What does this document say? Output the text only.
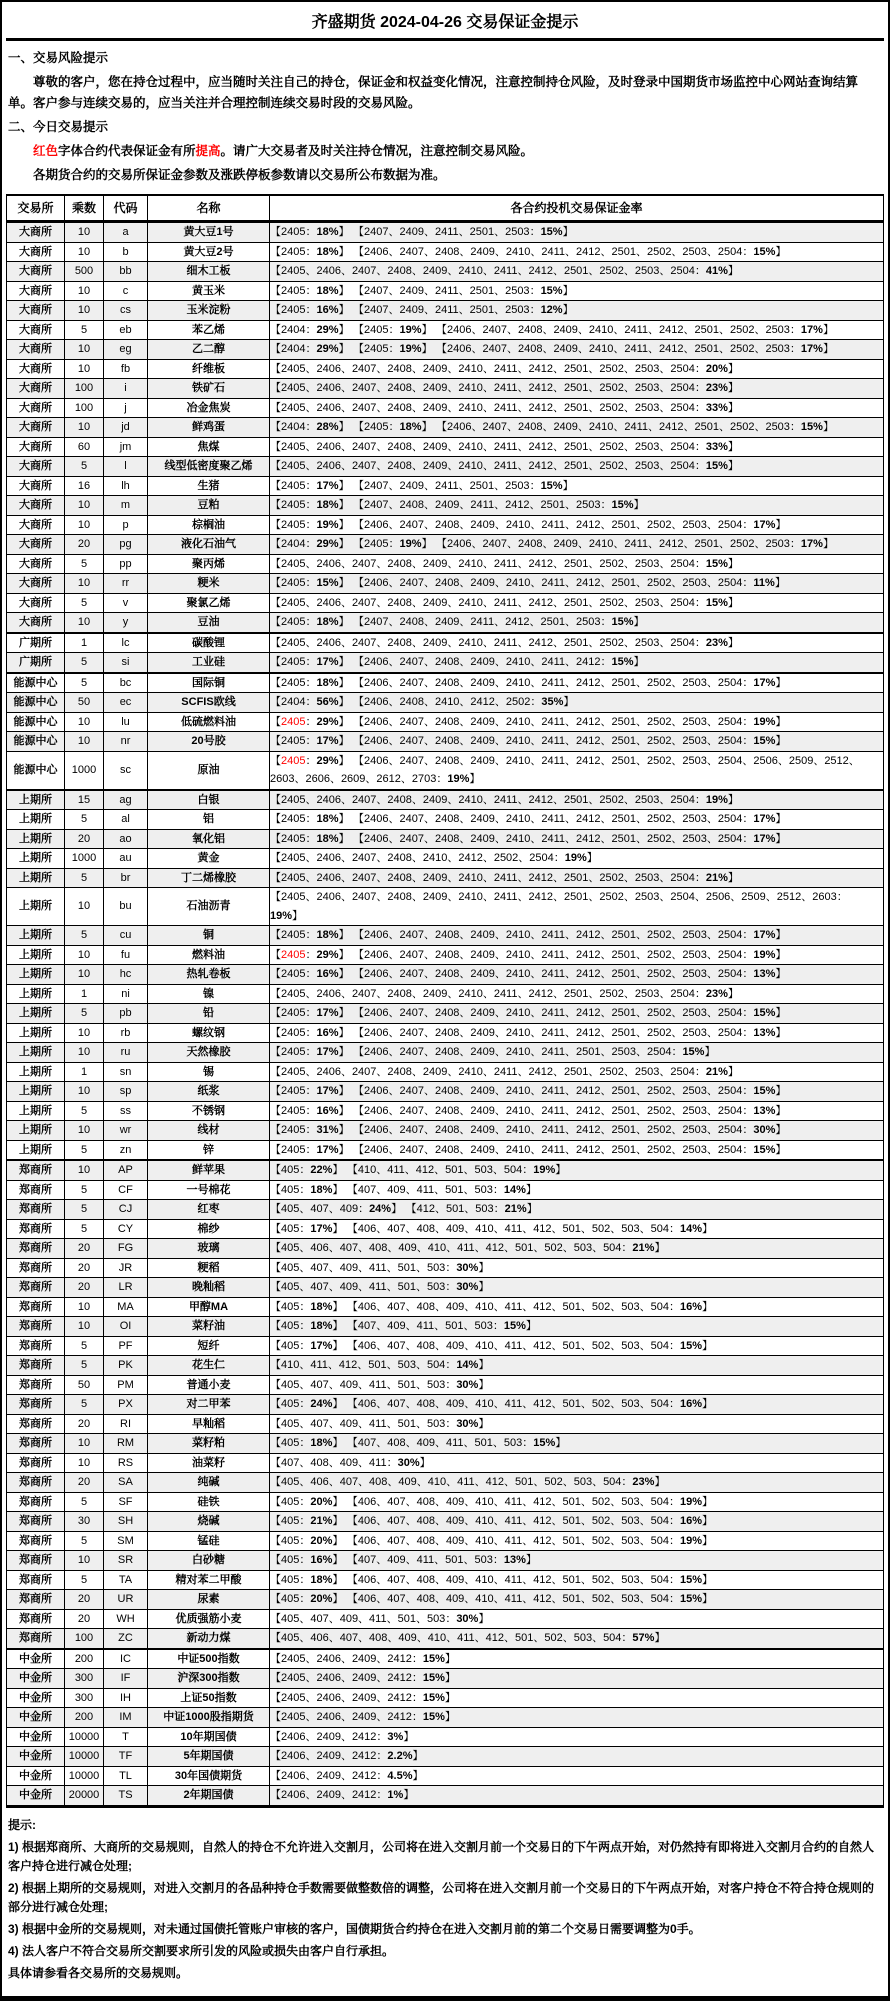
齐盛期货 2024-04-26 交易保证金提示

一、交易风险提示

尊敬的客户，您在持仓过程中，应当随时关注自己的持仓，保证金和权益变化情况，注意控制持仓风险，及时登录中国期货市场监控中心网站查询结算单。客户参与连续交易的，应当关注并合理控制连续交易时段的交易风险。

二、今日交易提示

红色字体合约代表保证金有所提高。请广大交易者及时关注持仓情况，注意控制交易风险。

各期货合约的交易所保证金参数及涨跌停板参数请以交易所公布数据为准。

交易所	乘数	代码	名称	各合约投机交易保证金率
大商所	10	a	黄大豆1号	【2405：18%】 【2407、2409、2411、2501、2503：15%】
大商所	10	b	黄大豆2号	【2405：18%】 【2406、2407、2408、2409、2410、2411、2412、2501、2502、2503、2504：15%】
大商所	500	bb	细木工板	【2405、2406、2407、2408、2409、2410、2411、2412、2501、2502、2503、2504：41%】
大商所	10	c	黄玉米	【2405：18%】 【2407、2409、2411、2501、2503：15%】
大商所	10	cs	玉米淀粉	【2405：16%】 【2407、2409、2411、2501、2503：12%】
大商所	5	eb	苯乙烯	【2404：29%】 【2405：19%】 【2406、2407、2408、2409、2410、2411、2412、2501、2502、2503：17%】
大商所	10	eg	乙二醇	【2404：29%】 【2405：19%】 【2406、2407、2408、2409、2410、2411、2412、2501、2502、2503：17%】
大商所	10	fb	纤维板	【2405、2406、2407、2408、2409、2410、2411、2412、2501、2502、2503、2504：20%】
大商所	100	i	铁矿石	【2405、2406、2407、2408、2409、2410、2411、2412、2501、2502、2503、2504：23%】
大商所	100	j	冶金焦炭	【2405、2406、2407、2408、2409、2410、2411、2412、2501、2502、2503、2504：33%】
大商所	10	jd	鲜鸡蛋	【2404：28%】 【2405：18%】 【2406、2407、2408、2409、2410、2411、2412、2501、2502、2503：15%】
大商所	60	jm	焦煤	【2405、2406、2407、2408、2409、2410、2411、2412、2501、2502、2503、2504：33%】
大商所	5	l	线型低密度聚乙烯	【2405、2406、2407、2408、2409、2410、2411、2412、2501、2502、2503、2504：15%】
大商所	16	lh	生猪	【2405：17%】 【2407、2409、2411、2501、2503：15%】
大商所	10	m	豆粕	【2405：18%】 【2407、2408、2409、2411、2412、2501、2503：15%】
大商所	10	p	棕榈油	【2405：19%】 【2406、2407、2408、2409、2410、2411、2412、2501、2502、2503、2504：17%】
大商所	20	pg	液化石油气	【2404：29%】 【2405：19%】 【2406、2407、2408、2409、2410、2411、2412、2501、2502、2503：17%】
大商所	5	pp	聚丙烯	【2405、2406、2407、2408、2409、2410、2411、2412、2501、2502、2503、2504：15%】
大商所	10	rr	粳米	【2405：15%】 【2406、2407、2408、2409、2410、2411、2412、2501、2502、2503、2504：11%】
大商所	5	v	聚氯乙烯	【2405、2406、2407、2408、2409、2410、2411、2412、2501、2502、2503、2504：15%】
大商所	10	y	豆油	【2405：18%】 【2407、2408、2409、2411、2412、2501、2503：15%】
广期所	1	lc	碳酸锂	【2405、2406、2407、2408、2409、2410、2411、2412、2501、2502、2503、2504：23%】
广期所	5	si	工业硅	【2405：17%】 【2406、2407、2408、2409、2410、2411、2412：15%】
能源中心	5	bc	国际铜	【2405：18%】 【2406、2407、2408、2409、2410、2411、2412、2501、2502、2503、2504：17%】
能源中心	50	ec	SCFIS欧线	【2404：56%】 【2406、2408、2410、2412、2502：35%】
能源中心	10	lu	低硫燃料油	【2405：29%】 【2406、2407、2408、2409、2410、2411、2412、2501、2502、2503、2504：19%】
能源中心	10	nr	20号胶	【2405：17%】 【2406、2407、2408、2409、2410、2411、2412、2501、2502、2503、2504：15%】
能源中心	1000	sc	原油	【2405：29%】 【2406、2407、2408、2409、2410、2411、2412、2501、2502、2503、2504、2506、2509、2512、2603、2606、2609、2612、2703：19%】
上期所	15	ag	白银	【2405、2406、2407、2408、2409、2410、2411、2412、2501、2502、2503、2504：19%】
上期所	5	al	铝	【2405：18%】 【2406、2407、2408、2409、2410、2411、2412、2501、2502、2503、2504：17%】
上期所	20	ao	氧化铝	【2405：18%】 【2406、2407、2408、2409、2410、2411、2412、2501、2502、2503、2504：17%】
上期所	1000	au	黄金	【2405、2406、2407、2408、2410、2412、2502、2504：19%】
上期所	5	br	丁二烯橡胶	【2405、2406、2407、2408、2409、2410、2411、2412、2501、2502、2503、2504：21%】
上期所	10	bu	石油沥青	【2405、2406、2407、2408、2409、2410、2411、2412、2501、2502、2503、2504、2506、2509、2512、2603：19%】
上期所	5	cu	铜	【2405：18%】 【2406、2407、2408、2409、2410、2411、2412、2501、2502、2503、2504：17%】
上期所	10	fu	燃料油	【2405：29%】 【2406、2407、2408、2409、2410、2411、2412、2501、2502、2503、2504：19%】
上期所	10	hc	热轧卷板	【2405：16%】 【2406、2407、2408、2409、2410、2411、2412、2501、2502、2503、2504：13%】
上期所	1	ni	镍	【2405、2406、2407、2408、2409、2410、2411、2412、2501、2502、2503、2504：23%】
上期所	5	pb	铅	【2405：17%】 【2406、2407、2408、2409、2410、2411、2412、2501、2502、2503、2504：15%】
上期所	10	rb	螺纹钢	【2405：16%】 【2406、2407、2408、2409、2410、2411、2412、2501、2502、2503、2504：13%】
上期所	10	ru	天然橡胶	【2405：17%】 【2406、2407、2408、2409、2410、2411、2501、2503、2504：15%】
上期所	1	sn	锡	【2405、2406、2407、2408、2409、2410、2411、2412、2501、2502、2503、2504：21%】
上期所	10	sp	纸浆	【2405：17%】 【2406、2407、2408、2409、2410、2411、2412、2501、2502、2503、2504：15%】
上期所	5	ss	不锈钢	【2405：16%】 【2406、2407、2408、2409、2410、2411、2412、2501、2502、2503、2504：13%】
上期所	10	wr	线材	【2405：31%】 【2406、2407、2408、2409、2410、2411、2412、2501、2502、2503、2504：30%】
上期所	5	zn	锌	【2405：17%】 【2406、2407、2408、2409、2410、2411、2412、2501、2502、2503、2504：15%】
郑商所	10	AP	鲜苹果	【405：22%】 【410、411、412、501、503、504：19%】
郑商所	5	CF	一号棉花	【405：18%】 【407、409、411、501、503：14%】
郑商所	5	CJ	红枣	【405、407、409：24%】 【412、501、503：21%】
郑商所	5	CY	棉纱	【405：17%】 【406、407、408、409、410、411、412、501、502、503、504：14%】
郑商所	20	FG	玻璃	【405、406、407、408、409、410、411、412、501、502、503、504：21%】
郑商所	20	JR	粳稻	【405、407、409、411、501、503：30%】
郑商所	20	LR	晚籼稻	【405、407、409、411、501、503：30%】
郑商所	10	MA	甲醇MA	【405：18%】 【406、407、408、409、410、411、412、501、502、503、504：16%】
郑商所	10	OI	菜籽油	【405：18%】 【407、409、411、501、503：15%】
郑商所	5	PF	短纤	【405：17%】 【406、407、408、409、410、411、412、501、502、503、504：15%】
郑商所	5	PK	花生仁	【410、411、412、501、503、504：14%】
郑商所	50	PM	普通小麦	【405、407、409、411、501、503：30%】
郑商所	5	PX	对二甲苯	【405：24%】 【406、407、408、409、410、411、412、501、502、503、504：16%】
郑商所	20	RI	早籼稻	【405、407、409、411、501、503：30%】
郑商所	10	RM	菜籽粕	【405：18%】 【407、408、409、411、501、503：15%】
郑商所	10	RS	油菜籽	【407、408、409、411：30%】
郑商所	20	SA	纯碱	【405、406、407、408、409、410、411、412、501、502、503、504：23%】
郑商所	5	SF	硅铁	【405：20%】 【406、407、408、409、410、411、412、501、502、503、504：19%】
郑商所	30	SH	烧碱	【405：21%】 【406、407、408、409、410、411、412、501、502、503、504：16%】
郑商所	5	SM	锰硅	【405：20%】 【406、407、408、409、410、411、412、501、502、503、504：19%】
郑商所	10	SR	白砂糖	【405：16%】 【407、409、411、501、503：13%】
郑商所	5	TA	精对苯二甲酸	【405：18%】 【406、407、408、409、410、411、412、501、502、503、504：15%】
郑商所	20	UR	尿素	【405：20%】 【406、407、408、409、410、411、412、501、502、503、504：15%】
郑商所	20	WH	优质强筋小麦	【405、407、409、411、501、503：30%】
郑商所	100	ZC	新动力煤	【405、406、407、408、409、410、411、412、501、502、503、504：57%】
中金所	200	IC	中证500指数	【2405、2406、2409、2412：15%】
中金所	300	IF	沪深300指数	【2405、2406、2409、2412：15%】
中金所	300	IH	上证50指数	【2405、2406、2409、2412：15%】
中金所	200	IM	中证1000股指期货	【2405、2406、2409、2412：15%】
中金所	10000	T	10年期国债	【2406、2409、2412：3%】
中金所	10000	TF	5年期国债	【2406、2409、2412：2.2%】
中金所	10000	TL	30年国债期货	【2406、2409、2412：4.5%】
中金所	20000	TS	2年期国债	【2406、2409、2412：1%】

提示:

1) 根据郑商所、大商所的交易规则，自然人的持仓不允许进入交割月，公司将在进入交割月前一个交易日的下午两点开始，对仍然持有即将进入交割月合约的自然人客户持仓进行减仓处理;

2) 根据上期所的交易规则，对进入交割月的各品种持仓手数需要做整数倍的调整，公司将在进入交割月前一个交易日的下午两点开始，对客户持仓不符合持仓规则的部分进行减仓处理;

3) 根据中金所的交易规则，对未通过国债托管账户审核的客户，国债期货合约持仓在进入交割月前的第二个交易日需要调整为0手。

4) 法人客户不符合交易所交割要求所引发的风险或损失由客户自行承担。

具体请参看各交易所的交易规则。
